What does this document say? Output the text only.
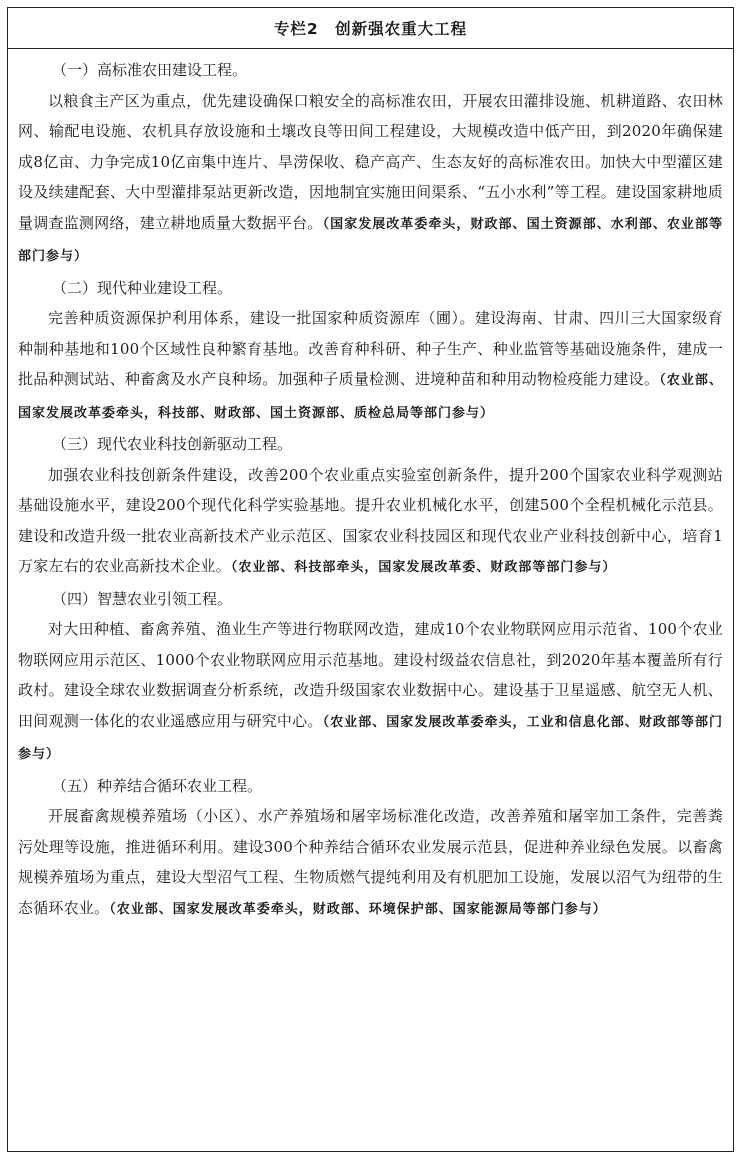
专栏2　创新强农重大工程
（一）高标准农田建设工程。
以粮食主产区为重点，优先建设确保口粮安全的高标准农田，开展农田灌排设施、机耕道路、农田林网、输配电设施、农机具存放设施和土壤改良等田间工程建设，大规模改造中低产田，到2020年确保建成8亿亩、力争完成10亿亩集中连片、旱涝保收、稳产高产、生态友好的高标准农田。加快大中型灌区建设及续建配套、大中型灌排泵站更新改造，因地制宜实施田间渠系、“五小水利”等工程。建设国家耕地质量调查监测网络，建立耕地质量大数据平台。（国家发展改革委牵头，财政部、国土资源部、水利部、农业部等部门参与）
（二）现代种业建设工程。
完善种质资源保护利用体系，建设一批国家种质资源库（圃）。建设海南、甘肃、四川三大国家级育种制种基地和100个区域性良种繁育基地。改善育种科研、种子生产、种业监管等基础设施条件，建成一批品种测试站、种畜禽及水产良种场。加强种子质量检测、进境种苗和种用动物检疫能力建设。（农业部、国家发展改革委牵头，科技部、财政部、国土资源部、质检总局等部门参与）
（三）现代农业科技创新驱动工程。
加强农业科技创新条件建设，改善200个农业重点实验室创新条件，提升200个国家农业科学观测站基础设施水平，建设200个现代化科学实验基地。提升农业机械化水平，创建500个全程机械化示范县。建设和改造升级一批农业高新技术产业示范区、国家农业科技园区和现代农业产业科技创新中心，培育1万家左右的农业高新技术企业。（农业部、科技部牵头，国家发展改革委、财政部等部门参与）
（四）智慧农业引领工程。
对大田种植、畜禽养殖、渔业生产等进行物联网改造，建成10个农业物联网应用示范省、100个农业物联网应用示范区、1000个农业物联网应用示范基地。建设村级益农信息社，到2020年基本覆盖所有行政村。建设全球农业数据调查分析系统，改造升级国家农业数据中心。建设基于卫星遥感、航空无人机、田间观测一体化的农业遥感应用与研究中心。（农业部、国家发展改革委牵头，工业和信息化部、财政部等部门参与）
（五）种养结合循环农业工程。
开展畜禽规模养殖场（小区）、水产养殖场和屠宰场标准化改造，改善养殖和屠宰加工条件，完善粪污处理等设施，推进循环利用。建设300个种养结合循环农业发展示范县，促进种养业绿色发展。以畜禽规模养殖场为重点，建设大型沼气工程、生物质燃气提纯利用及有机肥加工设施，发展以沼气为纽带的生态循环农业。（农业部、国家发展改革委牵头，财政部、环境保护部、国家能源局等部门参与）
